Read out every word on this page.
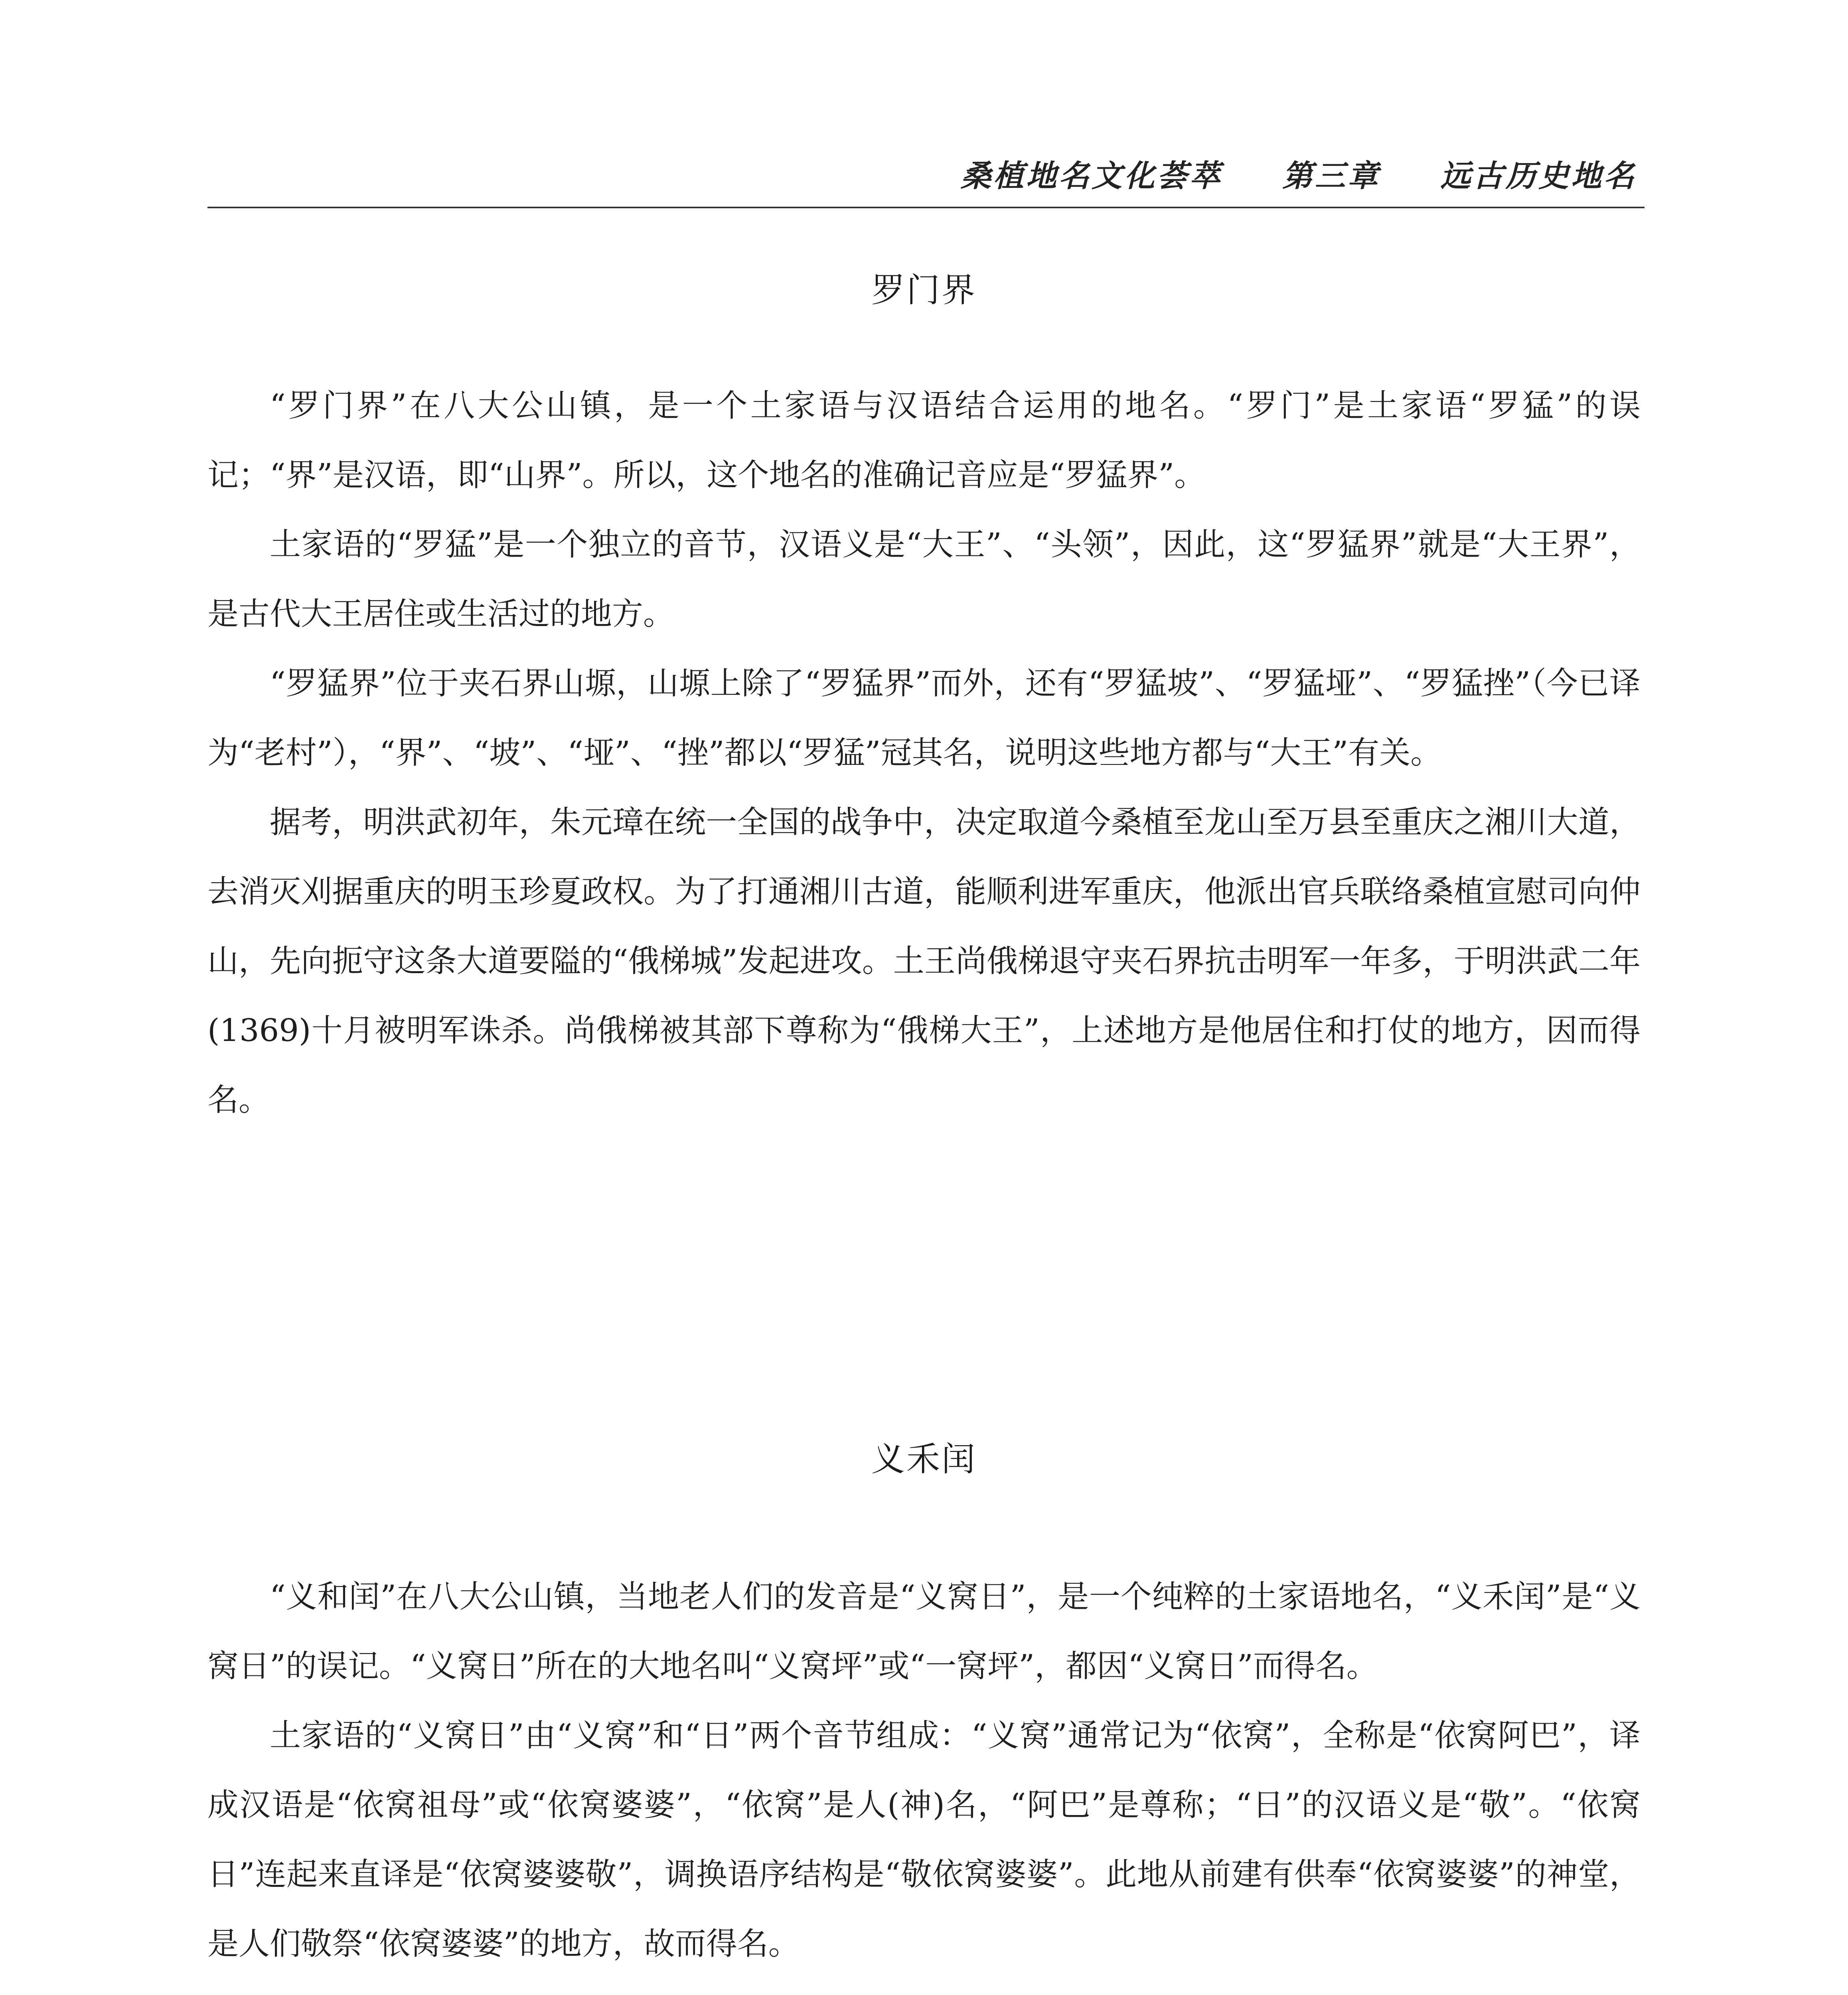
桑植地名文化荟萃 第三章 远古历史地名
罗门界

“罗门界”在八大公山镇，是一个土家语与汉语结合运用的地名。“罗门”是土家语“罗猛”的误记；“界”是汉语，即“山界”。所以，这个地名的准确记音应是“罗猛界”。

土家语的“罗猛”是一个独立的音节，汉语义是“大王”、“头领”，因此，这“罗猛界”就是“大王界”，是古代大王居住或生活过的地方。

“罗猛界”位于夹石界山塬，山塬上除了“罗猛界”而外，还有“罗猛坡”、“罗猛垭”、“罗猛挫”（今已译为“老村”），“界”、“坡”、“垭”、“挫”都以“罗猛”冠其名，说明这些地方都与“大王”有关。

据考，明洪武初年，朱元璋在统一全国的战争中，决定取道今桑植至龙山至万县至重庆之湘川大道，去消灭刈据重庆的明玉珍夏政权。为了打通湘川古道，能顺利进军重庆，他派出官兵联络桑植宣慰司向仲山，先向扼守这条大道要隘的“俄梯城”发起进攻。土王尚俄梯退守夹石界抗击明军一年多，于明洪武二年(1369)十月被明军诛杀。尚俄梯被其部下尊称为“俄梯大王”，上述地方是他居住和打仗的地方，因而得名。

义禾闰

“义和闰”在八大公山镇，当地老人们的发音是“义窝日”，是一个纯粹的土家语地名，“义禾闰”是“义窝日”的误记。“义窝日”所在的大地名叫“义窝坪”或“一窝坪”，都因“义窝日”而得名。

土家语的“义窝日”由“义窝”和“日”两个音节组成：“义窝”通常记为“依窝”，全称是“依窝阿巴”，译成汉语是“依窝祖母”或“依窝婆婆”，“依窝”是人(神)名，“阿巴”是尊称；“日”的汉语义是“敬”。“依窝日”连起来直译是“依窝婆婆敬”，调换语序结构是“敬依窝婆婆”。此地从前建有供奉“依窝婆婆”的神堂，是人们敬祭“依窝婆婆”的地方，故而得名。
